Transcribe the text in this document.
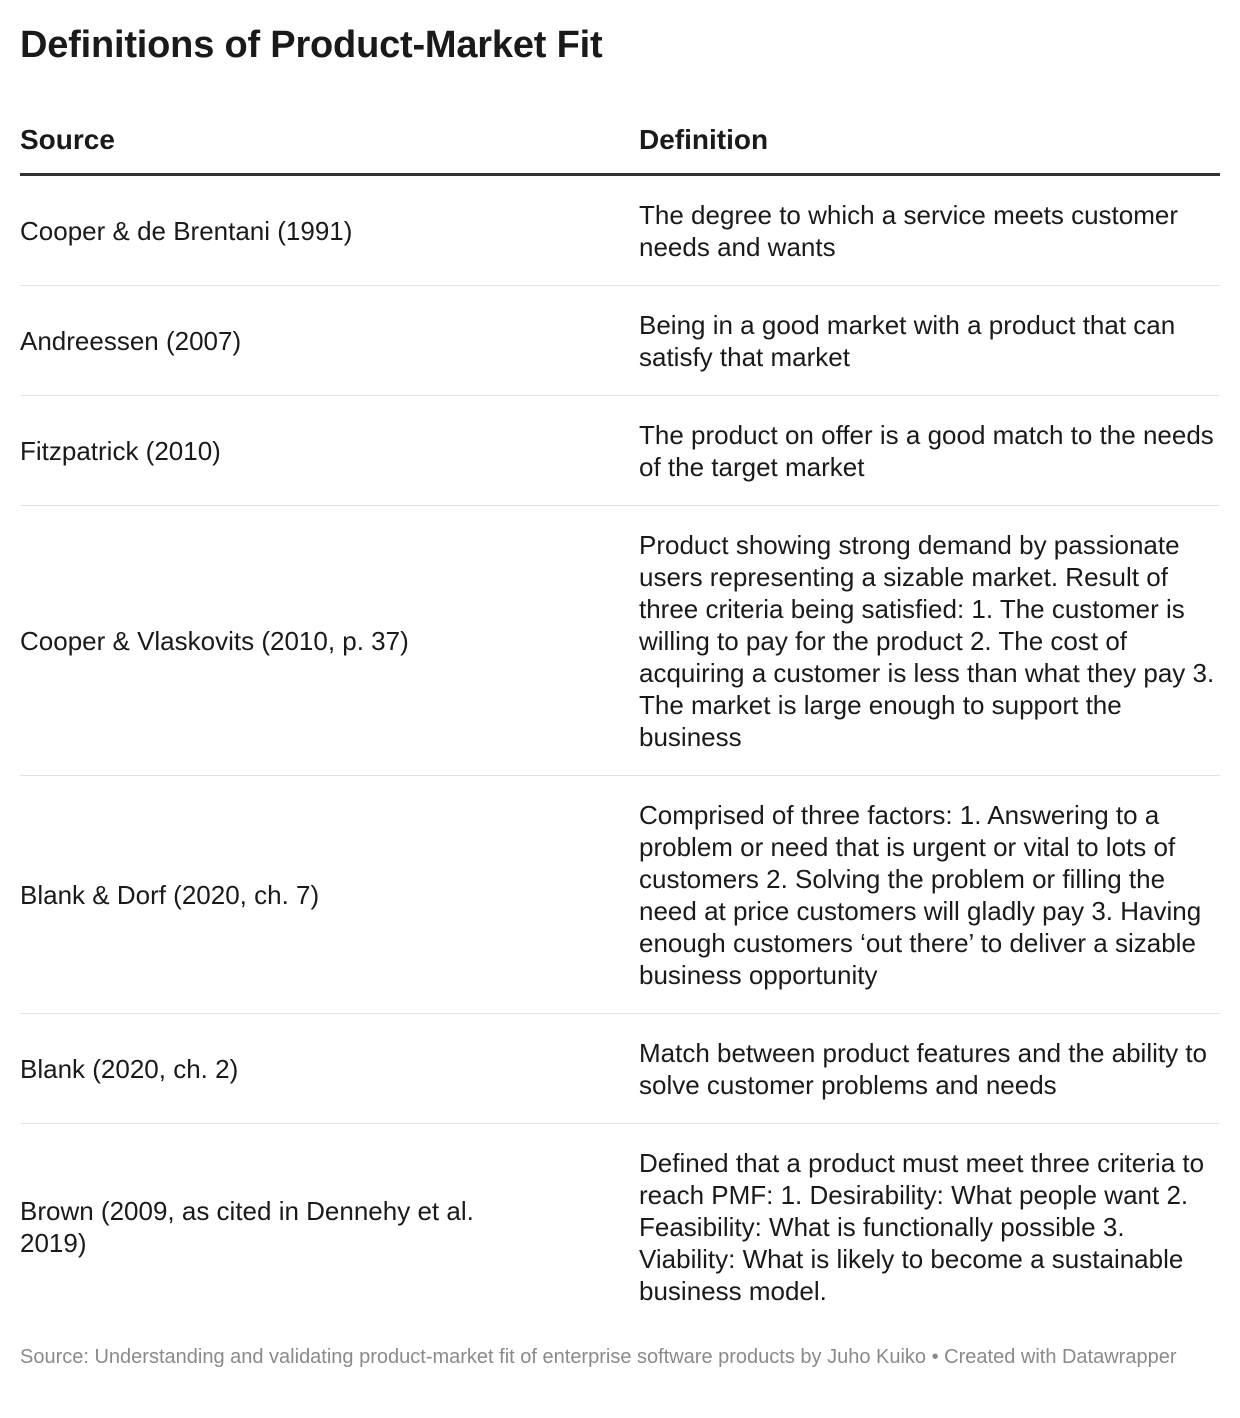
Definitions of Product-Market Fit
Source	Definition
Cooper & de Brentani (1991)
The degree to which a service meets customer needs and wants
Andreessen (2007)
Being in a good market with a product that can satisfy that market
Fitzpatrick (2010)
The product on offer is a good match to the needs of the target market
Cooper & Vlaskovits (2010, p. 37)
Product showing strong demand by passionate users representing a sizable market. Result of three criteria being satisfied: 1. The customer is willing to pay for the product 2. The cost of acquiring a customer is less than what they pay 3. The market is large enough to support the business
Blank & Dorf (2020, ch. 7)
Comprised of three factors: 1. Answering to a problem or need that is urgent or vital to lots of customers 2. Solving the problem or filling the need at price customers will gladly pay 3. Having enough customers ‘out there’ to deliver a sizable business opportunity
Blank (2020, ch. 2)
Match between product features and the ability to solve customer problems and needs
Brown (2009, as cited in Dennehy et al. 2019)
Defined that a product must meet three criteria to reach PMF: 1. Desirability: What people want 2. Feasibility: What is functionally possible 3. Viability: What is likely to become a sustainable business model.
Source: Understanding and validating product-market fit of enterprise software products by Juho Kuiko • Created with Datawrapper
